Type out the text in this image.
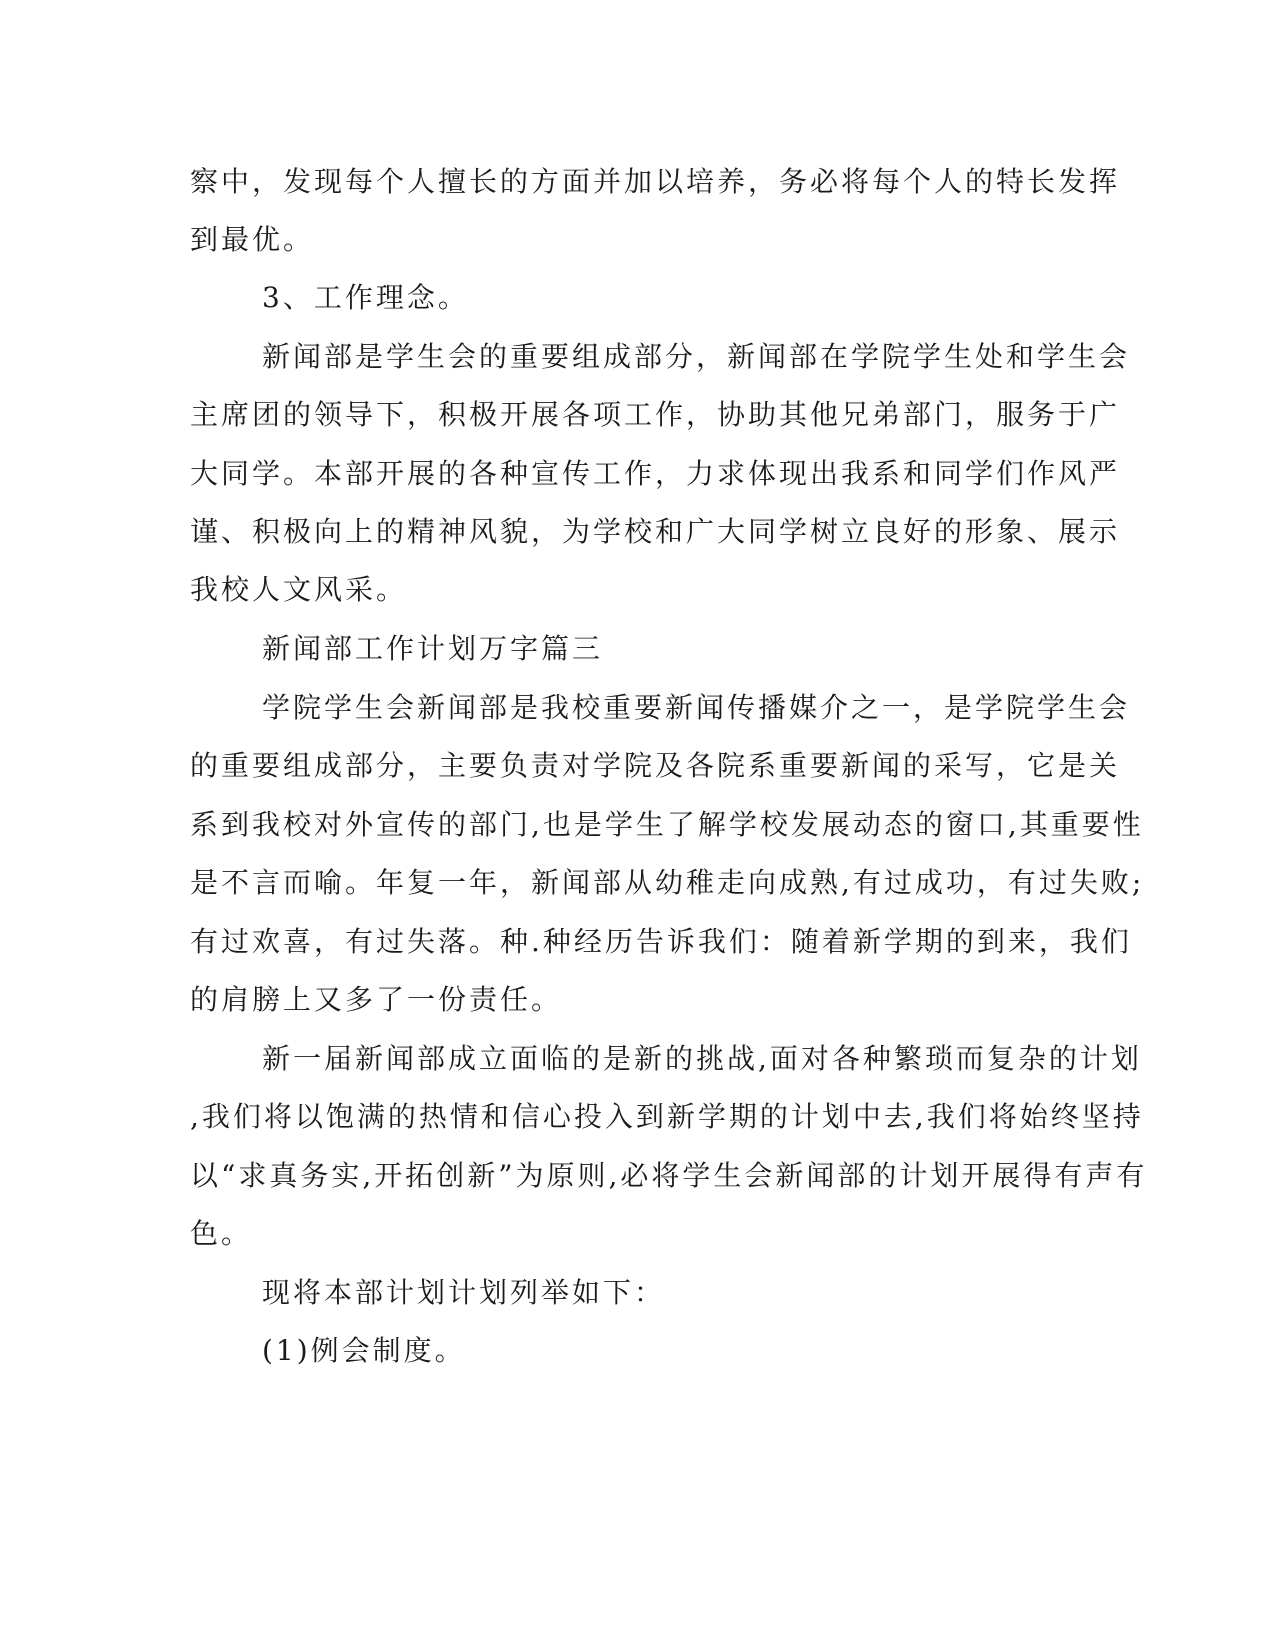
察中，发现每个人擅长的方面并加以培养，务必将每个人的特长发挥
到最优。
3、工作理念。
新闻部是学生会的重要组成部分，新闻部在学院学生处和学生会
主席团的领导下，积极开展各项工作，协助其他兄弟部门，服务于广
大同学。本部开展的各种宣传工作，力求体现出我系和同学们作风严
谨、积极向上的精神风貌，为学校和广大同学树立良好的形象、展示
我校人文风采。
新闻部工作计划万字篇三
学院学生会新闻部是我校重要新闻传播媒介之一，是学院学生会
的重要组成部分，主要负责对学院及各院系重要新闻的采写，它是关
系到我校对外宣传的部门,也是学生了解学校发展动态的窗口,其重要性
是不言而喻。年复一年，新闻部从幼稚走向成熟,有过成功，有过失败;
有过欢喜，有过失落。种.种经历告诉我们：随着新学期的到来，我们
的肩膀上又多了一份责任。
新一届新闻部成立面临的是新的挑战,面对各种繁琐而复杂的计划
,我们将以饱满的热情和信心投入到新学期的计划中去,我们将始终坚持
以“求真务实,开拓创新”为原则,必将学生会新闻部的计划开展得有声有
色。
现将本部计划计划列举如下：
(1)例会制度。
